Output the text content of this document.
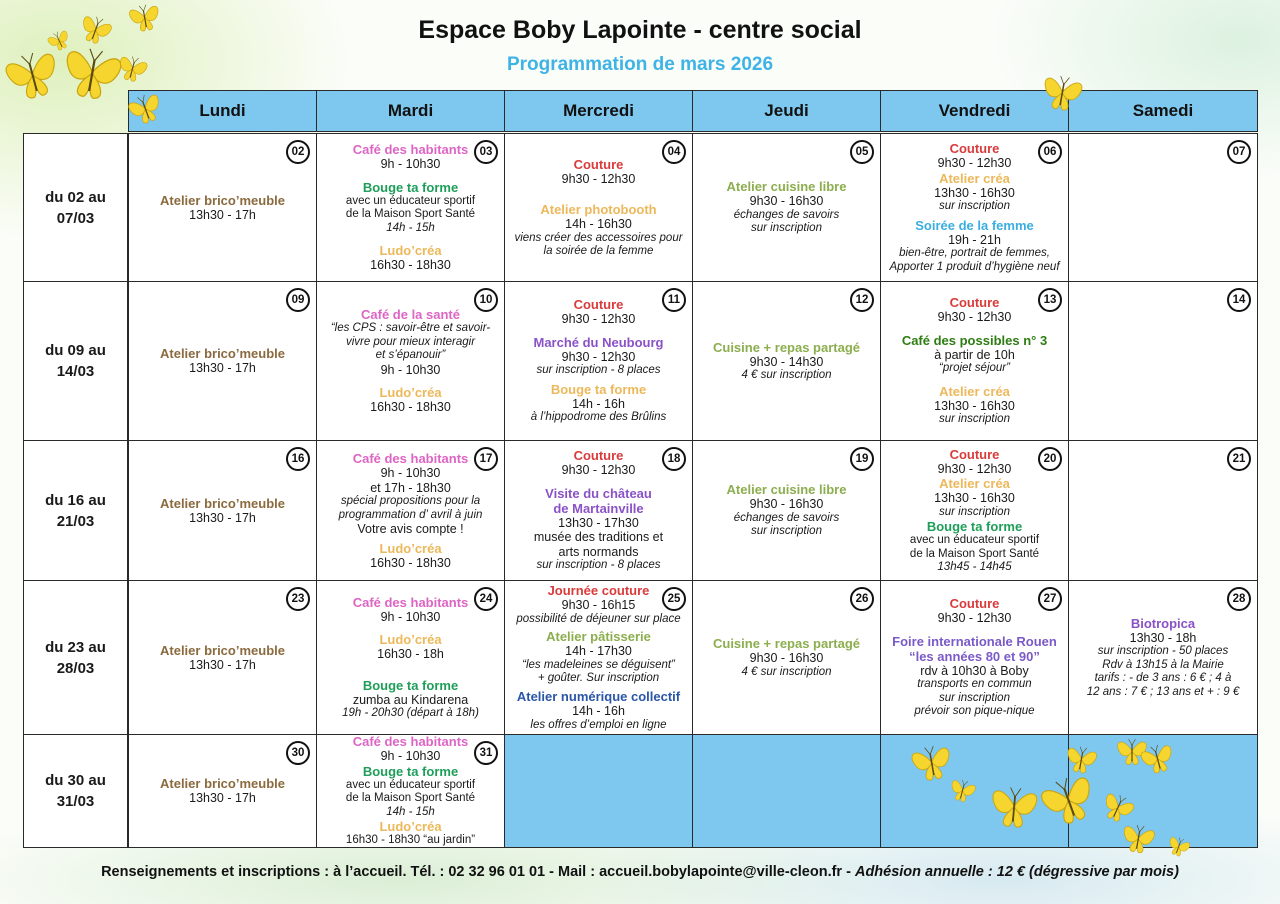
Espace Boby Lapointe - centre social
Programmation de mars 2026
Lundi	Mardi	Mercredi	Jeudi	Vendredi	Samedi
du 02 au
07/03
02
Atelier brico’meuble
13h30 - 17h
03
Café des habitants
9h - 10h30
Bouge ta forme
avec un éducateur sportif
de la Maison Sport Santé
14h - 15h
Ludo’créa
16h30 - 18h30
04
Couture
9h30 - 12h30
Atelier photobooth
14h - 16h30
viens créer des accessoires pour
la soirée de la femme
05
Atelier cuisine libre
9h30 - 16h30
échanges de savoirs
sur inscription
06
Couture
9h30 - 12h30
Atelier créa
13h30 - 16h30
sur inscription
Soirée de la femme
19h - 21h
bien-être, portrait de femmes,
Apporter 1 produit d’hygiène neuf
07
du 09 au
14/03
09
Atelier brico’meuble
13h30 - 17h
10
Café de la santé
“les CPS : savoir-être et savoir-
vivre pour mieux interagir
et s’épanouir”
9h - 10h30
Ludo’créa
16h30 - 18h30
11
Couture
9h30 - 12h30
Marché du Neubourg
9h30 - 12h30
sur inscription - 8 places
Bouge ta forme
14h - 16h
à l’hippodrome des Brûlins
12
Cuisine + repas partagé
9h30 - 14h30
4 € sur inscription
13
Couture
9h30 - 12h30
Café des possibles n° 3
à partir de 10h
“projet séjour”
Atelier créa
13h30 - 16h30
sur inscription
14
du 16 au
21/03
16
Atelier brico’meuble
13h30 - 17h
17
Café des habitants
9h - 10h30
et 17h - 18h30
spécial propositions pour la
programmation d’ avril à juin
Votre avis compte !
Ludo’créa
16h30 - 18h30
18
Couture
9h30 - 12h30
Visite du château
de Martainville
13h30 - 17h30
musée des traditions et
arts normands
sur inscription - 8 places
19
Atelier cuisine libre
9h30 - 16h30
échanges de savoirs
sur inscription
20
Couture
9h30 - 12h30
Atelier créa
13h30 - 16h30
sur inscription
Bouge ta forme
avec un éducateur sportif
de la Maison Sport Santé
13h45 - 14h45
21
du 23 au
28/03
23
Atelier brico’meuble
13h30 - 17h
24
Café des habitants
9h - 10h30
Ludo’créa
16h30 - 18h
Bouge ta forme
zumba au Kindarena
19h - 20h30 (départ à 18h)
25
Journée couture
9h30 - 16h15
possibilité de déjeuner sur place
Atelier pâtisserie
14h - 17h30
“les madeleines se déguisent”
+ goûter. Sur inscription
Atelier numérique collectif
14h - 16h
les offres d’emploi en ligne
26
Cuisine + repas partagé
9h30 - 16h30
4 € sur inscription
27
Couture
9h30 - 12h30
Foire internationale Rouen
“les années 80 et 90”
rdv à 10h30 à Boby
transports en commun
sur inscription
prévoir son pique-nique
28
Biotropica
13h30 - 18h
sur inscription - 50 places
Rdv à 13h15 à la Mairie
tarifs : - de 3 ans : 6 € ; 4 à
12 ans : 7 € ; 13 ans et + : 9 €
du 30 au
31/03
30
Atelier brico’meuble
13h30 - 17h
31
Café des habitants
9h - 10h30
Bouge ta forme
avec un éducateur sportif
de la Maison Sport Santé
14h - 15h
Ludo’créa
16h30 - 18h30 “au jardin”
Renseignements et inscriptions : à l’accueil. Tél. : 02 32 96 01 01 - Mail : accueil.bobylapointe@ville-cleon.fr - Adhésion annuelle : 12 € (dégressive par mois)
